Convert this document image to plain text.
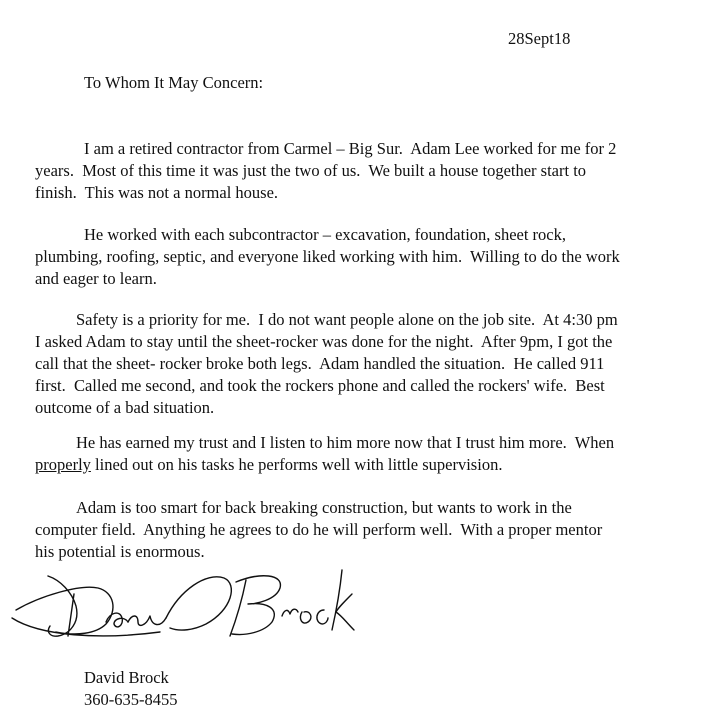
28Sept18
To Whom It May Concern:
I am a retired contractor from Carmel – Big Sur.  Adam Lee worked for me for 2
years.  Most of this time it was just the two of us.  We built a house together start to
finish.  This was not a normal house.
He worked with each subcontractor – excavation, foundation, sheet rock,
plumbing, roofing, septic, and everyone liked working with him.  Willing to do the work
and eager to learn.
Safety is a priority for me.  I do not want people alone on the job site.  At 4:30 pm
I asked Adam to stay until the sheet-rocker was done for the night.  After 9pm, I got the
call that the sheet- rocker broke both legs.  Adam handled the situation.  He called 911
first.  Called me second, and took the rockers phone and called the rockers' wife.  Best
outcome of a bad situation.
He has earned my trust and I listen to him more now that I trust him more.  When
properly lined out on his tasks he performs well with little supervision.
Adam is too smart for back breaking construction, but wants to work in the
computer field.  Anything he agrees to do he will perform well.  With a proper mentor
his potential is enormous.
David Brock
360-635-8455
